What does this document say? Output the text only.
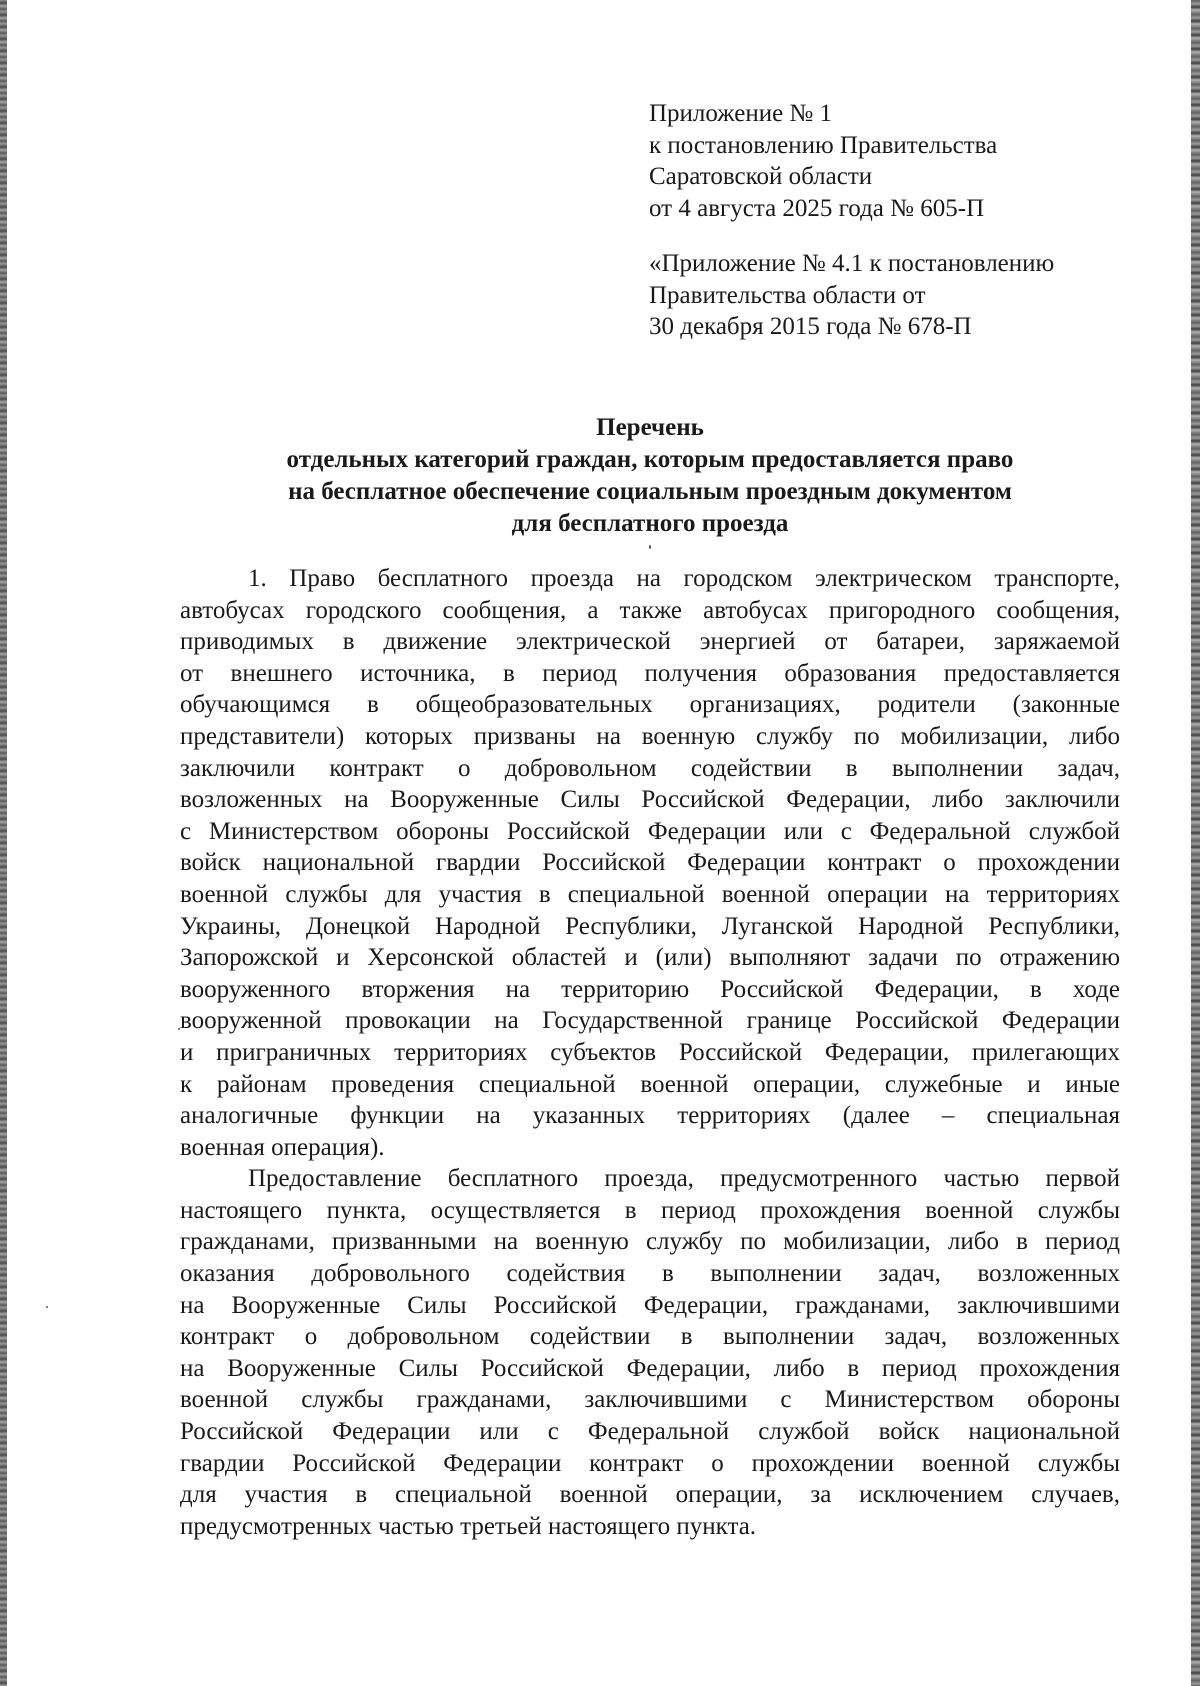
Приложение № 1
к постановлению Правительства
Саратовской области
от 4 августа 2025 года № 605-П
«Приложение № 4.1 к постановлению
Правительства области от
30 декабря 2015 года № 678-П
Перечень
отдельных категорий граждан, которым предоставляется право
на бесплатное обеспечение социальным проездным документом
для бесплатного проезда
1. Право бесплатного проезда на городском электрическом транспорте,
автобусах городского сообщения, а также автобусах пригородного сообщения,
приводимых в движение электрической энергией от батареи, заряжаемой
от внешнего источника, в период получения образования предоставляется
обучающимся в общеобразовательных организациях, родители (законные
представители) которых призваны на военную службу по мобилизации, либо
заключили контракт о добровольном содействии в выполнении задач,
возложенных на Вооруженные Силы Российской Федерации, либо заключили
с Министерством обороны Российской Федерации или с Федеральной службой
войск национальной гвардии Российской Федерации контракт о прохождении
военной службы для участия в специальной военной операции на территориях
Украины, Донецкой Народной Республики, Луганской Народной Республики,
Запорожской и Херсонской областей и (или) выполняют задачи по отражению
вооруженного вторжения на территорию Российской Федерации, в ходе
вооруженной провокации на Государственной границе Российской Федерации
и приграничных территориях субъектов Российской Федерации, прилегающих
к районам проведения специальной военной операции, служебные и иные
аналогичные функции на указанных территориях (далее – специальная
военная операция).
Предоставление бесплатного проезда, предусмотренного частью первой
настоящего пункта, осуществляется в период прохождения военной службы
гражданами, призванными на военную службу по мобилизации, либо в период
оказания добровольного содействия в выполнении задач, возложенных
на Вооруженные Силы Российской Федерации, гражданами, заключившими
контракт о добровольном содействии в выполнении задач, возложенных
на Вооруженные Силы Российской Федерации, либо в период прохождения
военной службы гражданами, заключившими с Министерством обороны
Российской Федерации или с Федеральной службой войск национальной
гвардии Российской Федерации контракт о прохождении военной службы
для участия в специальной военной операции, за исключением случаев,
предусмотренных частью третьей настоящего пункта.
